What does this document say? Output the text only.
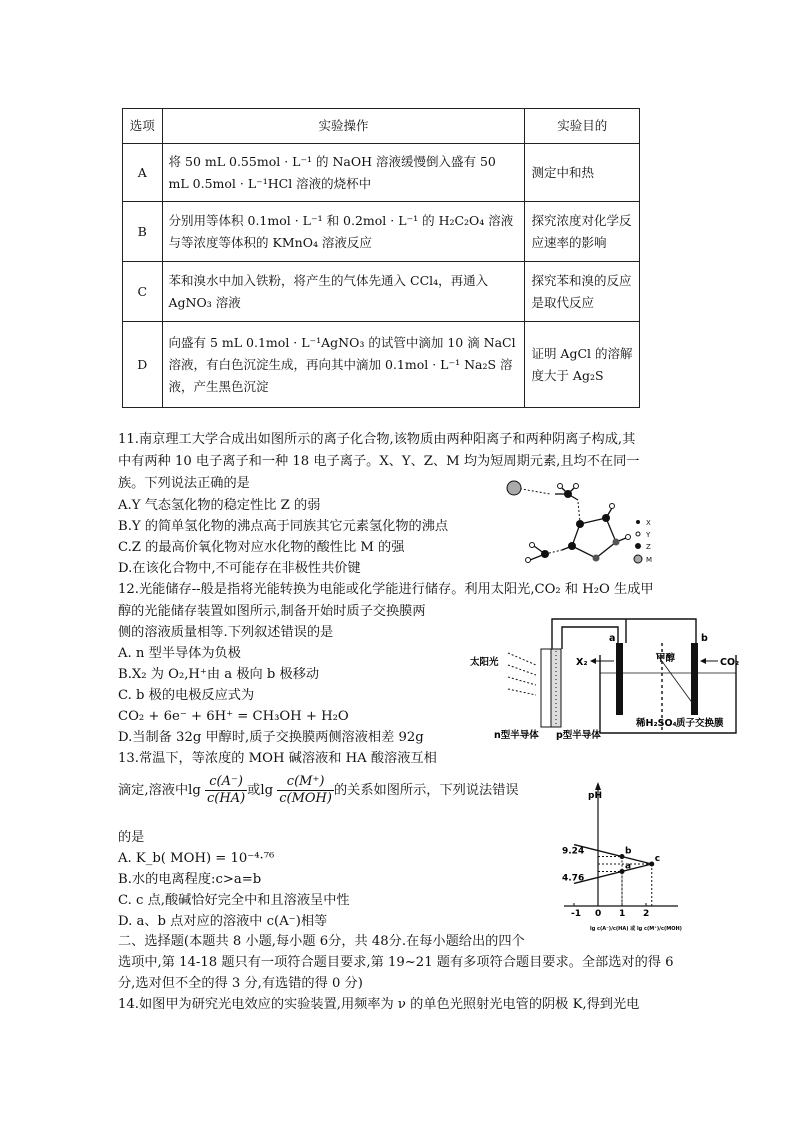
选项	实验操作	实验目的
A	将 50 mL 0.55mol · L⁻¹ 的 NaOH 溶液缓慢倒入盛有 50 mL 0.5mol · L⁻¹HCl 溶液的烧杯中	测定中和热
B	分别用等体积 0.1mol · L⁻¹ 和 0.2mol · L⁻¹ 的 H₂C₂O₄ 溶液与等浓度等体积的 KMnO₄ 溶液反应	探究浓度对化学反应速率的影响
C	苯和溴水中加入铁粉，将产生的气体先通入 CCl₄，再通入 AgNO₃ 溶液	探究苯和溴的反应是取代反应
D	向盛有 5 mL 0.1mol · L⁻¹AgNO₃ 的试管中滴加 10 滴 NaCl 溶液，有白色沉淀生成，再向其中滴加 0.1mol · L⁻¹ Na₂S 溶液，产生黑色沉淀	证明 AgCl 的溶解度大于 Ag₂S
11.南京理工大学合成出如图所示的离子化合物,该物质由两种阳离子和两种阴离子构成,其
中有两种 10 电子离子和一种 18 电子离子。X、Y、Z、M 均为短周期元素,且均不在同一
族。下列说法正确的是
A.Y 气态氢化物的稳定性比 Z 的弱
B.Y 的简单氢化物的沸点高于同族其它元素氢化物的沸点
C.Z 的最高价氧化物对应水化物的酸性比 M 的强
D.在该化合物中,不可能存在非极性共价键
X
Y
Z
M
12.光能储存--般是指将光能转换为电能或化学能进行储存。利用太阳光,CO₂ 和 H₂O 生成甲
醇的光能储存装置如图所示,制备开始时质子交换膜两
侧的溶液质量相等.下列叙述错误的是
A. n 型半导体为负极
B.X₂ 为 O₂,H⁺由 a 极向 b 极移动
C. b 极的电极反应式为
CO₂ + 6e⁻ + 6H⁺ = CH₃OH + H₂O
D.当制备 32g 甲醇时,质子交换膜两侧溶液相差 92g
太阳光	X₂
a	b
甲醇	CO₂
稀H₂SO₄ 质子交换膜
n型半导体 p型半导体
13.常温下，等浓度的 MOH 碱溶液和 HA 酸溶液互相
滴定,溶液中$\lg \frac{c(A^-)}{c(HA)}$ 或$\lg \frac{c(M^+)}{\text{c(MOH)}}$ 的关系如图所示，下列说法错误
的是
A. K_b( MOH) = 10⁻⁴·⁷⁶
B.水的电离程度:c>a=b
C. c 点,酸碱恰好完全中和且溶液呈中性
D. a、b 点对应的溶液中 c(A⁻)相等
pH
-1 0 1 2
4.76
9.24	b
a
c
lg c(A⁻)/c(HA) 或 lg c(M⁺)/c(MOH)
二、选择题(本题共 8 小题,每小题 6分，共 48分.在每小题给出的四个
选项中,第 14-18 题只有一项符合题目要求,第 19~21 题有多项符合题目要求。全部选对的得 6
分,选对但不全的得 3 分,有选错的得 0 分)
14.如图甲为研究光电效应的实验装置,用频率为 ν 的单色光照射光电管的阴极 K,得到光电
